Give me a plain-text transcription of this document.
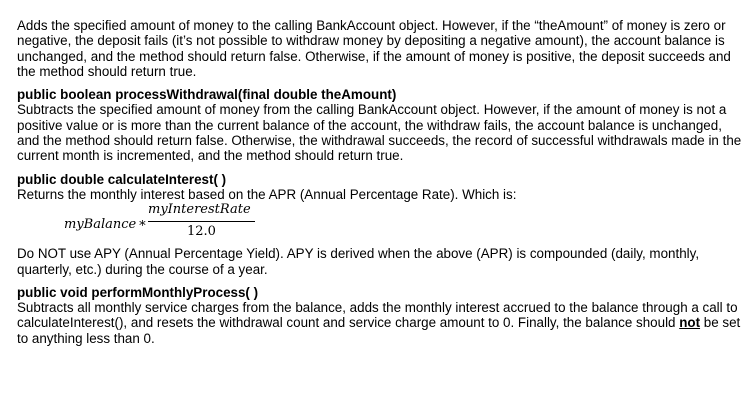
Adds the specified amount of money to the calling BankAccount object. However, if the “theAmount” of money is zero or negative, the deposit fails (it’s not possible to withdraw money by depositing a negative amount), the account balance is unchanged, and the method should return false. Otherwise, if the amount of money is positive, the deposit succeeds and the method should return true.

public boolean processWithdrawal(final double theAmount)

Subtracts the specified amount of money from the calling BankAccount object. However, if the amount of money is not a positive value or is more than the current balance of the account, the withdraw fails, the account balance is unchanged, and the method should return false. Otherwise, the withdrawal succeeds, the record of successful withdrawals made in the current month is incremented, and the method should return true.

public double calculateInterest( )

Returns the monthly interest based on the APR (Annual Percentage Rate). Which is:

myBalance ∗
myInterestRate
12.0

Do NOT use APY (Annual Percentage Yield). APY is derived when the above (APR) is compounded (daily, monthly, quarterly, etc.) during the course of a year.

public void performMonthlyProcess( )

Subtracts all monthly service charges from the balance, adds the monthly interest accrued to the balance through a call to calculateInterest(), and resets the withdrawal count and service charge amount to 0. Finally, the balance should not be set to anything less than 0.
